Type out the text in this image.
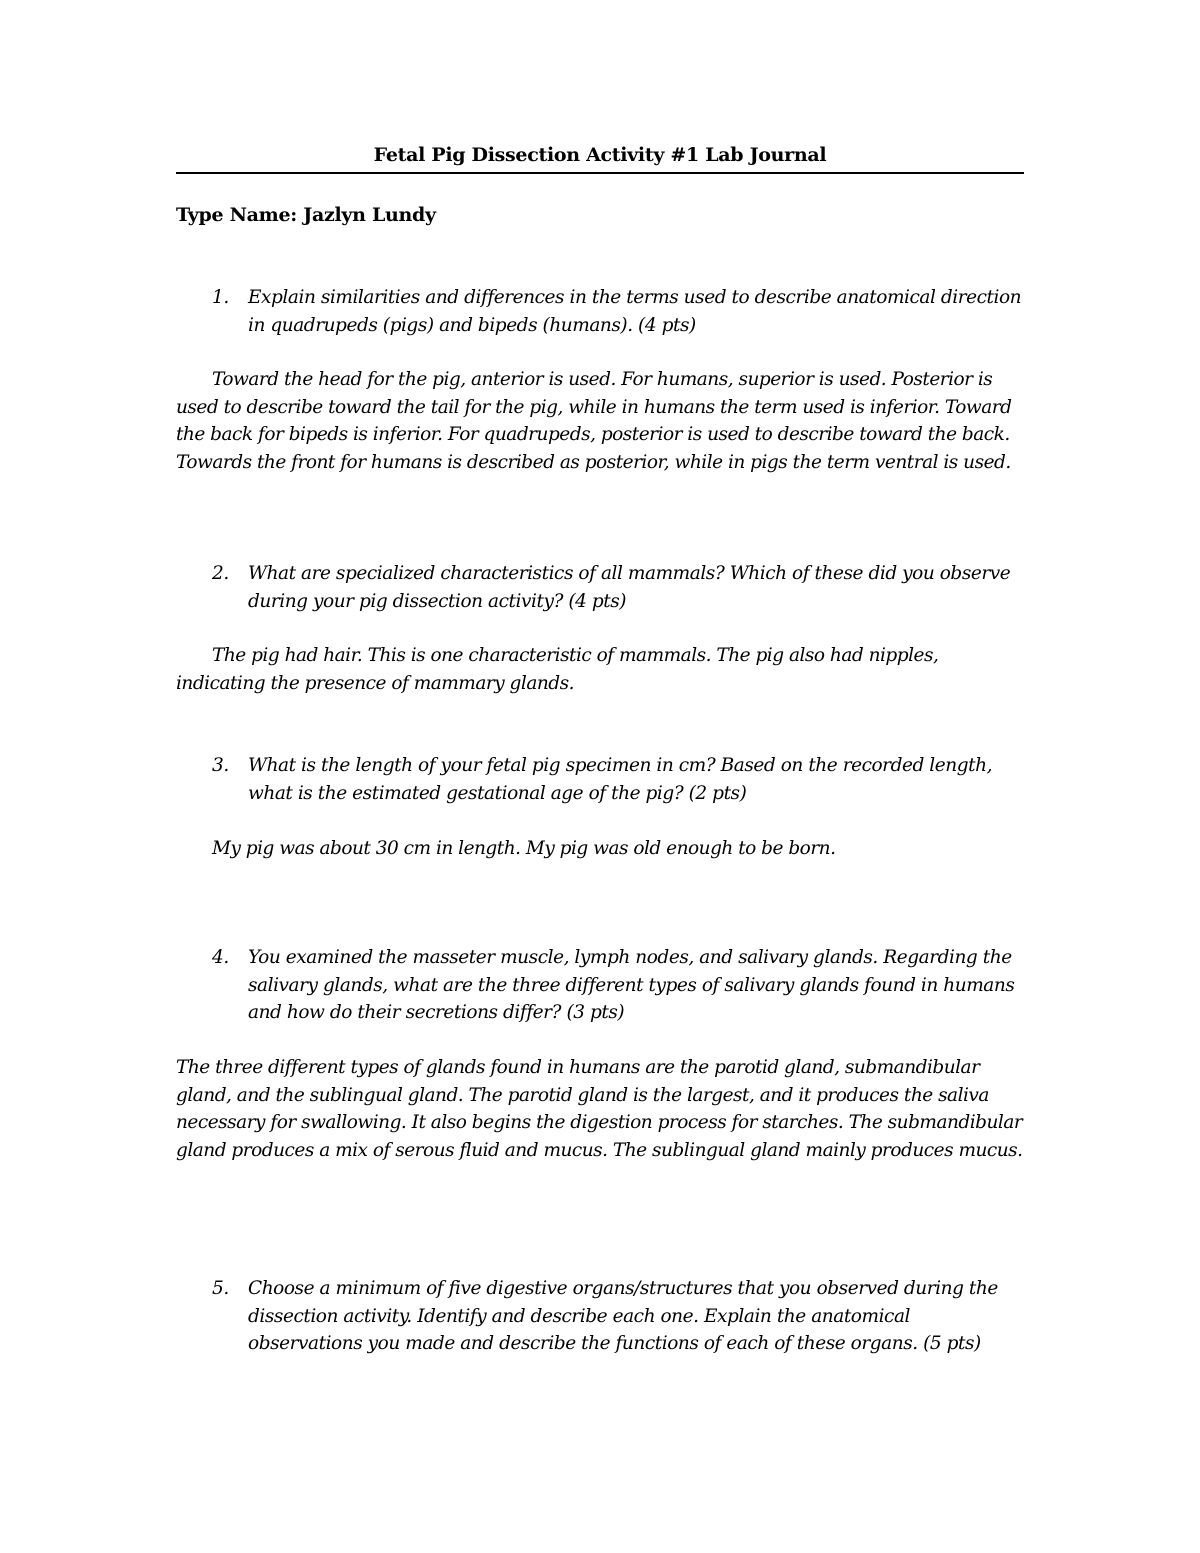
Fetal Pig Dissection Activity #1 Lab Journal
Type Name: Jazlyn Lundy
1.	Explain similarities and differences in the terms used to describe anatomical direction in quadrupeds (pigs) and bipeds (humans). (4 pts)
Toward the head for the pig, anterior is used. For humans, superior is used. Posterior is used to describe toward the tail for the pig, while in humans the term used is inferior. Toward the back for bipeds is inferior. For quadrupeds, posterior is used to describe toward the back. Towards the front for humans is described as posterior, while in pigs the term ventral is used.
2.	What are specialized characteristics of all mammals? Which of these did you observe during your pig dissection activity? (4 pts)
The pig had hair. This is one characteristic of mammals. The pig also had nipples, indicating the presence of mammary glands.
3.	What is the length of your fetal pig specimen in cm? Based on the recorded length, what is the estimated gestational age of the pig? (2 pts)
My pig was about 30 cm in length. My pig was old enough to be born.
4.	You examined the masseter muscle, lymph nodes, and salivary glands. Regarding the salivary glands, what are the three different types of salivary glands found in humans and how do their secretions differ? (3 pts)
The three different types of glands found in humans are the parotid gland, submandibular gland, and the sublingual gland. The parotid gland is the largest, and it produces the saliva necessary for swallowing. It also begins the digestion process for starches. The submandibular gland produces a mix of serous fluid and mucus. The sublingual gland mainly produces mucus.
5.	Choose a minimum of five digestive organs/structures that you observed during the dissection activity. Identify and describe each one. Explain the anatomical observations you made and describe the functions of each of these organs. (5 pts)
